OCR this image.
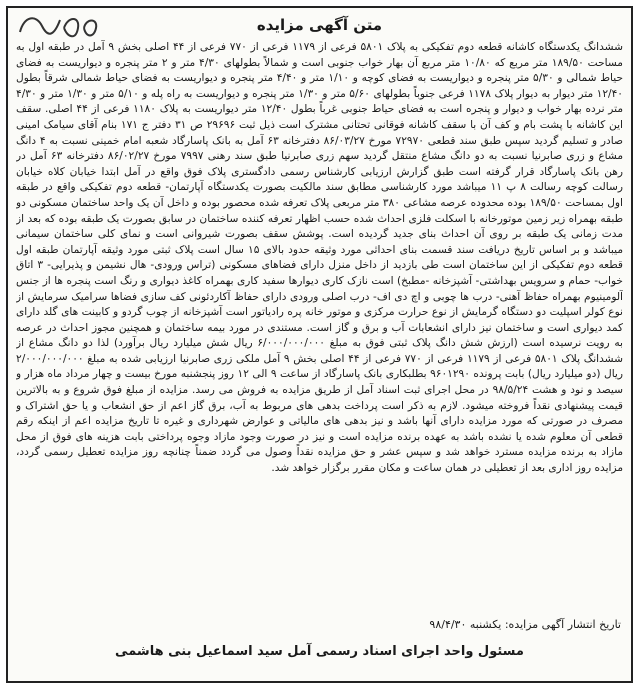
متن آگهی مزایده
ششدانگ یکدستگاه کاشانه قطعه دوم تفکیکی به پلاک ۵۸۰۱ فرعی از ۱۱۷۹ فرعی از ۷۷۰ فرعی از ۴۴ اصلی بخش ۹ آمل در طبقه اول به مساحت ۱۸۹/۵۰ متر مربع که ۱۰/۸۰ متر مربع آن بهار خواب جنوبی است و شمالاً بطولهای ۴/۳۰ متر و ۲ متر پنجره و دیواریست به فضای حیاط شمالی و ۵/۳۰ متر پنجره و دیواریست به فضای کوچه و ۱/۱۰ متر و ۴/۴۰ متر پنجره و دیواریست به فضای حیاط شمالی شرقاً بطول ۱۲/۴۰ متر دیوار به دیوار پلاک ۱۱۷۸ فرعی جنوباً بطولهای ۵/۶۰ متر و ۱/۳۰ متر پنجره و دیواریست به راه پله و ۵/۱۰ متر و ۱/۳۰ متر و ۴/۳۰ متر نرده بهار خواب و دیوار و پنجره است به فضای حیاط جنوبی غرباً بطول ۱۲/۴۰ متر دیواریست به پلاک ۱۱۸۰ فرعی از ۴۴ اصلی. سقف این کاشانه با پشت بام و کف آن با سقف کاشانه فوقانی تحتانی مشترک است ذیل ثبت ۲۹۶۹۶ ص ۳۱ دفتر ج ۱۷۱ بنام آقای سیامک امینی صادر و تسلیم گردید سپس طبق سند قطعی ۷۲۹۷۰ مورخ ۸۶/۰۳/۲۷ دفترخانه ۶۳ آمل به بانک پاسارگاد شعبه امام خمینی نسبت به ۴ دانگ مشاع و زری صابرنیا نسبت به دو دانگ مشاع منتقل گردید سهم زری صابرنیا طبق سند رهنی ۷۹۹۷ مورخ ۸۶/۰۲/۲۷ دفترخانه ۶۳ آمل در رهن بانک پاسارگاد قرار گرفته است طبق گزارش ارزیابی کارشناس رسمی دادگستری پلاک فوق واقع در آمل ابتدا خیابان کلاه خیابان رسالت کوچه رسالت ۸ پ ۱۱ میباشد مورد کارشناسی مطابق سند مالکیت بصورت یکدستگاه آپارتمان- قطعه دوم تفکیکی واقع در طبقه اول بمساحت ۱۸۹/۵۰ بوده محدوده عرصه مشاعی ۳۸۰ متر مربعی پلاک تعرفه شده محصور بوده و داخل آن یک واحد ساختمان مسکونی دو طبقه بهمراه زیر زمین موتورخانه با اسکلت فلزی احداث شده حسب اظهار تعرفه کننده ساختمان در سابق بصورت یک طبقه بوده که بعد از مدت زمانی یک طبقه بر روی آن احداث بنای جدید گردیده است. پوشش سقف بصورت شیروانی است و نمای کلی ساختمان سیمانی میباشد و بر اساس تاریخ دریافت سند قسمت بنای احداثی مورد وثیقه حدود بالای ۱۵ سال است پلاک ثبتی مورد وثیقه آپارتمان طبقه اول قطعه دوم تفکیکی از این ساختمان است طی بازدید از داخل منزل دارای فضاهای مسکونی (تراس ورودی- هال نشیمن و پذیرایی- ۳ اتاق خواب- حمام و سرویس بهداشتی- آشپزخانه -مطبخ) است نازک کاری دیوارها سفید کاری بهمراه کاغذ دیواری و رنگ است پنجره ها از جنس آلومینیوم بهمراه حفاظ آهنی- درب ها چوبی و اچ دی اف- درب اصلی ورودی دارای حفاظ آکاردئونی کف سازی فضاها سرامیک سرمایش از نوع کولر اسپلیت دو دستگاه گرمایش از نوع حرارت مرکزی و موتور خانه پره رادیاتور است آشپزخانه از چوب گردو و کابینت های گلد دارای کمد دیواری است و ساختمان نیز دارای انشعابات آب و برق و گاز است. مستندی در مورد بیمه ساختمان و همچنین مجوز احداث در عرصه به رویت نرسیده است (ارزش شش دانگ پلاک ثبتی فوق به مبلغ ۶/۰۰۰/۰۰۰/۰۰۰ ریال شش میلیارد ریال برآورد) لذا دو دانگ مشاع از ششدانگ پلاک ۵۸۰۱ فرعی از ۱۱۷۹ فرعی از ۷۷۰ فرعی از ۴۴ اصلی بخش ۹ آمل ملکی زری صابرنیا ارزیابی شده به مبلغ ۲/۰۰۰/۰۰۰/۰۰۰ ریال (دو میلیارد ریال) بابت پرونده ۹۶۰۱۲۹۰ بطلبکاری بانک پاسارگاد از ساعت ۹ الی ۱۲ روز پنجشنبه مورخ بیست و چهار مرداد ماه هزار و سیصد و نود و هشت ۹۸/۵/۲۴ در محل اجرای ثبت اسناد آمل از طریق مزایده به فروش می رسد. مزایده از مبلغ فوق شروع و به بالاترین قیمت پیشنهادی نقداً فروخته میشود. لازم به ذکر است پرداخت بدهی های مربوط به آب، برق گاز اعم از حق انشعاب و یا حق اشتراک و مصرف در صورتی که مورد مزایده دارای آنها باشد و نیز بدهی های مالیاتی و عوارض شهرداری و غیره تا تاریخ مزایده اعم از اینکه رقم قطعی آن معلوم شده یا نشده باشد به عهده برنده مزایده است و نیز در صورت وجود مازاد وجوه پرداختی بابت هزینه های فوق از محل مازاد به برنده مزایده مسترد خواهد شد و سپس عشر و حق مزایده نقداً وصول می گردد ضمناً چنانچه روز مزایده تعطیل رسمی گردد، مزایده روز اداری بعد از تعطیلی در همان ساعت و مکان مقرر برگزار خواهد شد.
تاریخ انتشار آگهی مزایده: یکشنبه ۹۸/۴/۳۰
مسئول واحد اجرای اسناد رسمی آمل سید اسماعیل بنی هاشمی
